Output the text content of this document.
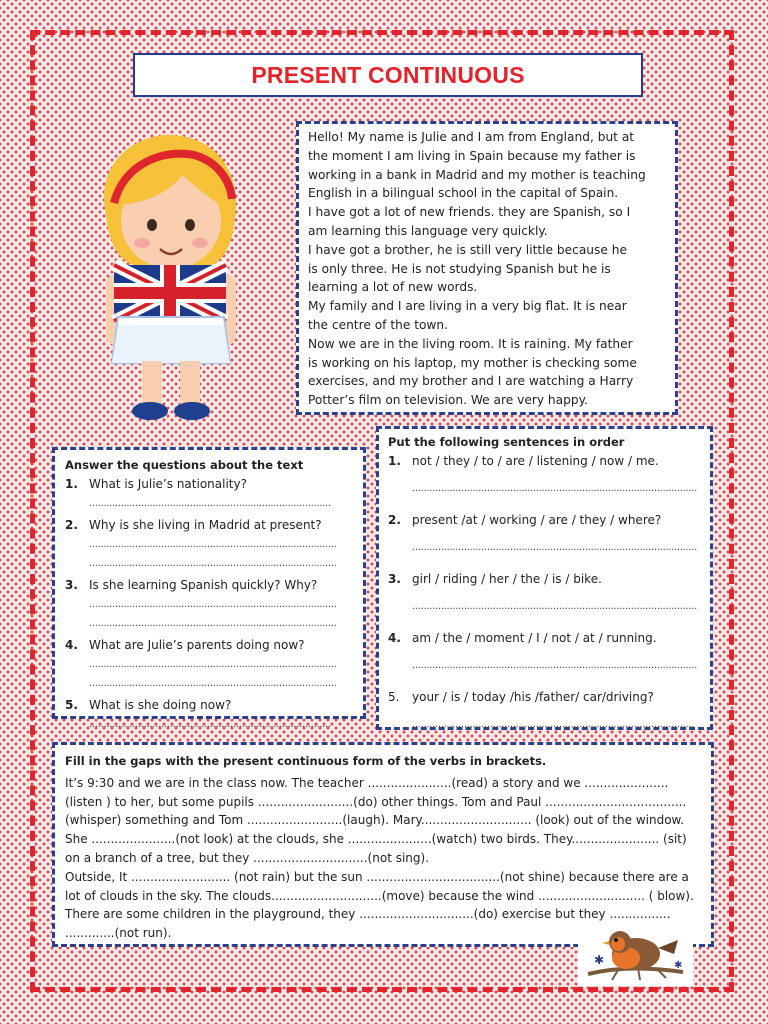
PRESENT CONTINUOUS

Hello! My name is Julie and I am from England, but at

the moment I am living in Spain because my father is

working in a bank in Madrid and my mother is teaching

English in a bilingual school in the capital of Spain.

I have got a lot of new friends. they are Spanish, so I

am learning this language very quickly.

I have got a brother, he is still very little because he

is only three. He is not studying Spanish but he is

learning a lot of new words.

My family and I are living in a very big flat. It is near

the centre of the town.

Now we are in the living room. It is raining. My father

is working on his laptop, my mother is checking some

exercises, and my brother and I are watching a Harry

Potter’s film on television. We are very happy.

Answer the questions about the text
1. What is Julie’s nationality?
....................................................................................
2. Why is she living in Madrid at present?
......................................................................................
......................................................................................
3. Is she learning Spanish quickly? Why?
......................................................................................
......................................................................................
4. What are Julie’s parents doing now?
......................................................................................
......................................................................................
5. What is she doing now?
....................................................................................
Put the following sentences in order
1. not / they / to / are / listening / now / me.
...................................................................................................
2. present /at / working / are / they / where?
...................................................................................................
3. girl / riding / her / the / is / bike.
...................................................................................................
4. am / the / moment / I / not / at / running.
...................................................................................................
5.	your / is / today /his /father/ car/driving?
..................................................................................................
Fill in the gaps with the present continuous form of the verbs in brackets.

It’s 9:30 and we are in the class now. The teacher ......................(read) a story and we ......................

(listen ) to her, but some pupils .........................(do) other things. Tom and Paul .....................................

(whisper) something and Tom .........................(laugh). Mary............................. (look) out of the window.

She ......................(not look) at the clouds, she ......................(watch) two birds. They....................... (sit)

on a branch of a tree, but they ..............................(not sing).

Outside, It .......................... (not rain) but the sun ...................................(not shine) because there are a

lot of clouds in the sky. The clouds.............................(move) because the wind ............................ ( blow).

There are some children in the playground, they ..............................(do) exercise but they ................

.............(not run).

✱	✱
